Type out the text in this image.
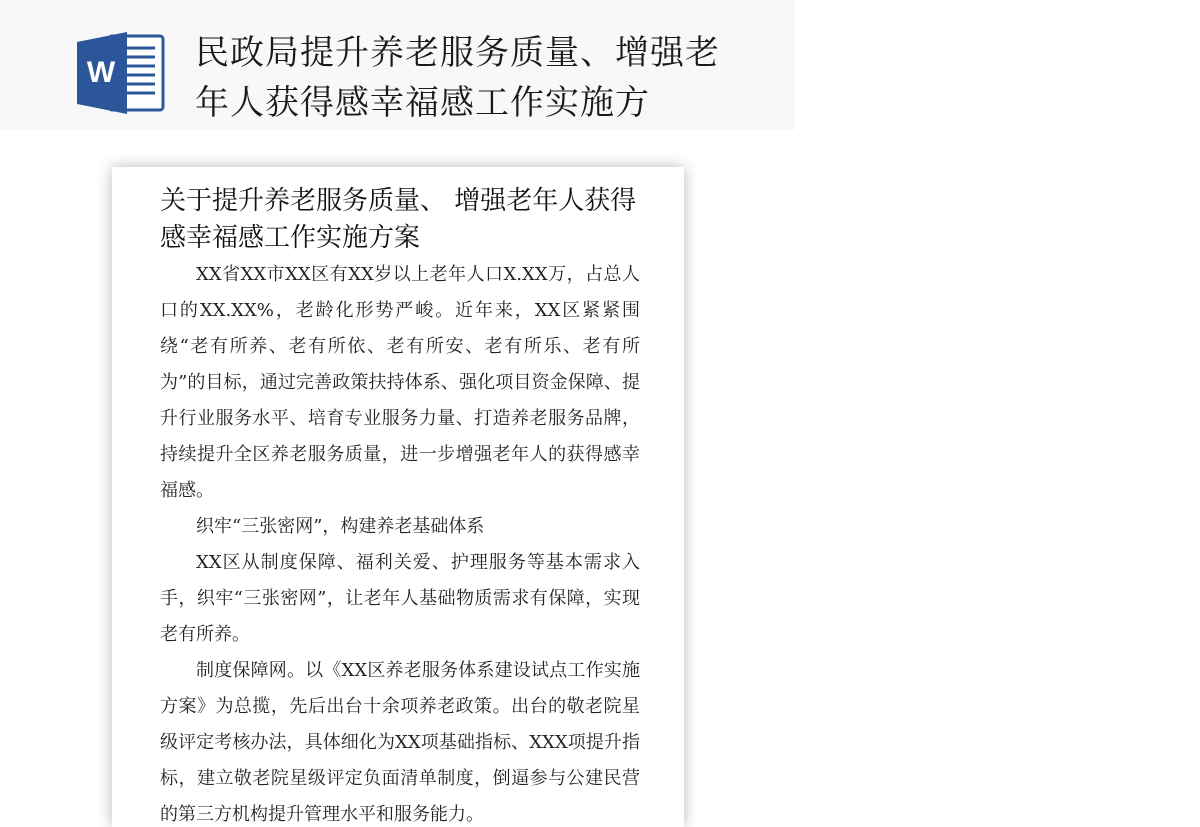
W 民政局提升养老服务质量、增强老年人获得感幸福感工作实施方
关于提升养老服务质量、 增强老年人获得感幸福感工作实施方案

XX省XX市XX区有XX岁以上老年人口X.XX万，占总人口的XX.XX%，老龄化形势严峻。近年来，XX区紧紧围绕“老有所养、老有所依、老有所安、老有所乐、老有所为”的目标，通过完善政策扶持体系、强化项目资金保障、提升行业服务水平、培育专业服务力量、打造养老服务品牌，持续提升全区养老服务质量，进一步增强老年人的获得感幸福感。

织牢“三张密网”，构建养老基础体系

XX区从制度保障、福利关爱、护理服务等基本需求入手，织牢“三张密网”，让老年人基础物质需求有保障，实现老有所养。

制度保障网。以《XX区养老服务体系建设试点工作实施方案》为总揽，先后出台十余项养老政策。出台的敬老院星级评定考核办法，具体细化为XX项基础指标、XXX项提升指标，建立敬老院星级评定负面清单制度，倒逼参与公建民营的第三方机构提升管理水平和服务能力。
